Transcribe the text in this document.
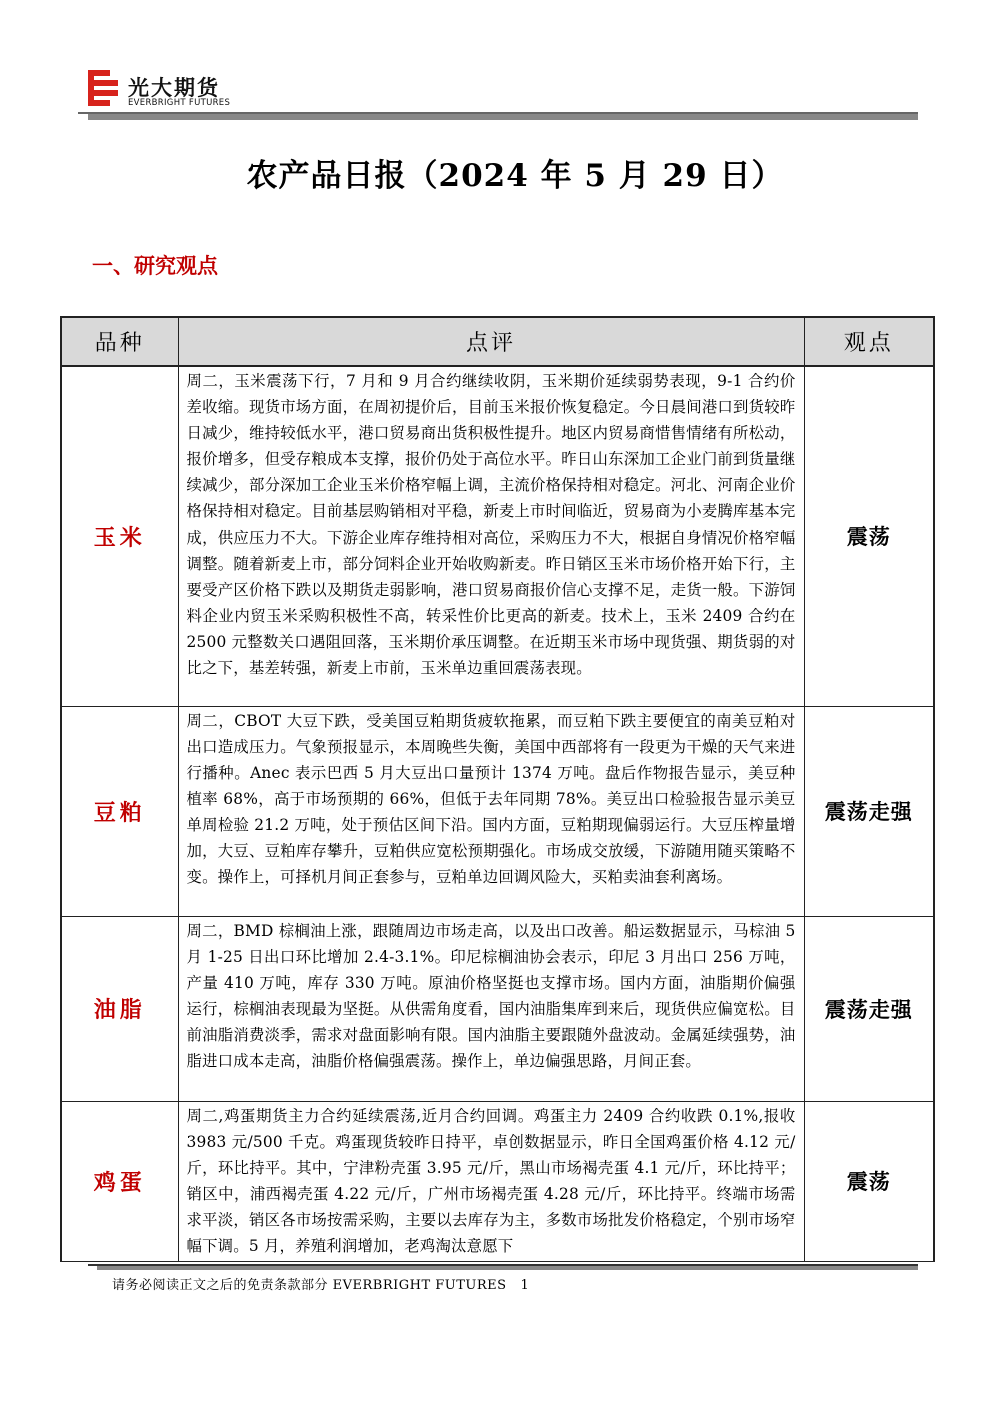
光大期货
EVERBRIGHT FUTURES
农产品日报（2024 年 5 月 29 日）
一、研究观点
品种	点评	观点
玉米	周二，玉米震荡下行，7 月和 9 月合约继续收阴，玉米期价延续弱势表现，9-1 合约价差收缩。现货市场方面，在周初提价后，目前玉米报价恢复稳定。今日晨间港口到货较昨日减少，维持较低水平，港口贸易商出货积极性提升。地区内贸易商惜售情绪有所松动，报价增多，但受存粮成本支撑，报价仍处于高位水平。昨日山东深加工企业门前到货量继续减少，部分深加工企业玉米价格窄幅上调，主流价格保持相对稳定。河北、河南企业价格保持相对稳定。目前基层购销相对平稳，新麦上市时间临近，贸易商为小麦腾库基本完成，供应压力不大。下游企业库存维持相对高位，采购压力不大，根据自身情况价格窄幅调整。随着新麦上市，部分饲料企业开始收购新麦。昨日销区玉米市场价格开始下行，主要受产区价格下跌以及期货走弱影响，港口贸易商报价信心支撑不足，走货一般。下游饲料企业内贸玉米采购积极性不高，转采性价比更高的新麦。技术上，玉米 2409 合约在 2500 元整数关口遇阻回落，玉米期价承压调整。在近期玉米市场中现货强、期货弱的对比之下，基差转强，新麦上市前，玉米单边重回震荡表现。	震荡
豆粕	周二，CBOT 大豆下跌，受美国豆粕期货疲软拖累，而豆粕下跌主要便宜的南美豆粕对出口造成压力。气象预报显示，本周晚些失衡，美国中西部将有一段更为干燥的天气来进行播种。Anec 表示巴西 5 月大豆出口量预计 1374 万吨。盘后作物报告显示，美豆种植率 68%，高于市场预期的 66%，但低于去年同期 78%。美豆出口检验报告显示美豆单周检验 21.2 万吨，处于预估区间下沿。国内方面，豆粕期现偏弱运行。大豆压榨量增加，大豆、豆粕库存攀升，豆粕供应宽松预期强化。市场成交放缓，下游随用随买策略不变。操作上，可择机月间正套参与，豆粕单边回调风险大，买粕卖油套利离场。	震荡走强
油脂	周二，BMD 棕榈油上涨，跟随周边市场走高，以及出口改善。船运数据显示，马棕油 5 月 1-25 日出口环比增加 2.4-3.1%。印尼棕榈油协会表示，印尼 3 月出口 256 万吨，产量 410 万吨，库存 330 万吨。原油价格坚挺也支撑市场。国内方面，油脂期价偏强运行，棕榈油表现最为坚挺。从供需角度看，国内油脂集库到来后，现货供应偏宽松。目前油脂消费淡季，需求对盘面影响有限。国内油脂主要跟随外盘波动。金属延续强势，油脂进口成本走高，油脂价格偏强震荡。操作上，单边偏强思路，月间正套。	震荡走强
鸡蛋	周二,鸡蛋期货主力合约延续震荡,近月合约回调。鸡蛋主力 2409 合约收跌 0.1%,报收 3983 元/500 千克。鸡蛋现货较昨日持平，卓创数据显示，昨日全国鸡蛋价格 4.12 元/斤，环比持平。其中，宁津粉壳蛋 3.95 元/斤，黑山市场褐壳蛋 4.1 元/斤，环比持平；销区中，浦西褐壳蛋 4.22 元/斤，广州市场褐壳蛋 4.28 元/斤，环比持平。终端市场需求平淡，销区各市场按需采购，主要以去库存为主，多数市场批发价格稳定，个别市场窄幅下调。5 月，养殖利润增加，老鸡淘汰意愿下	震荡
请务必阅读正文之后的免责条款部分 EVERBRIGHT FUTURES 1
